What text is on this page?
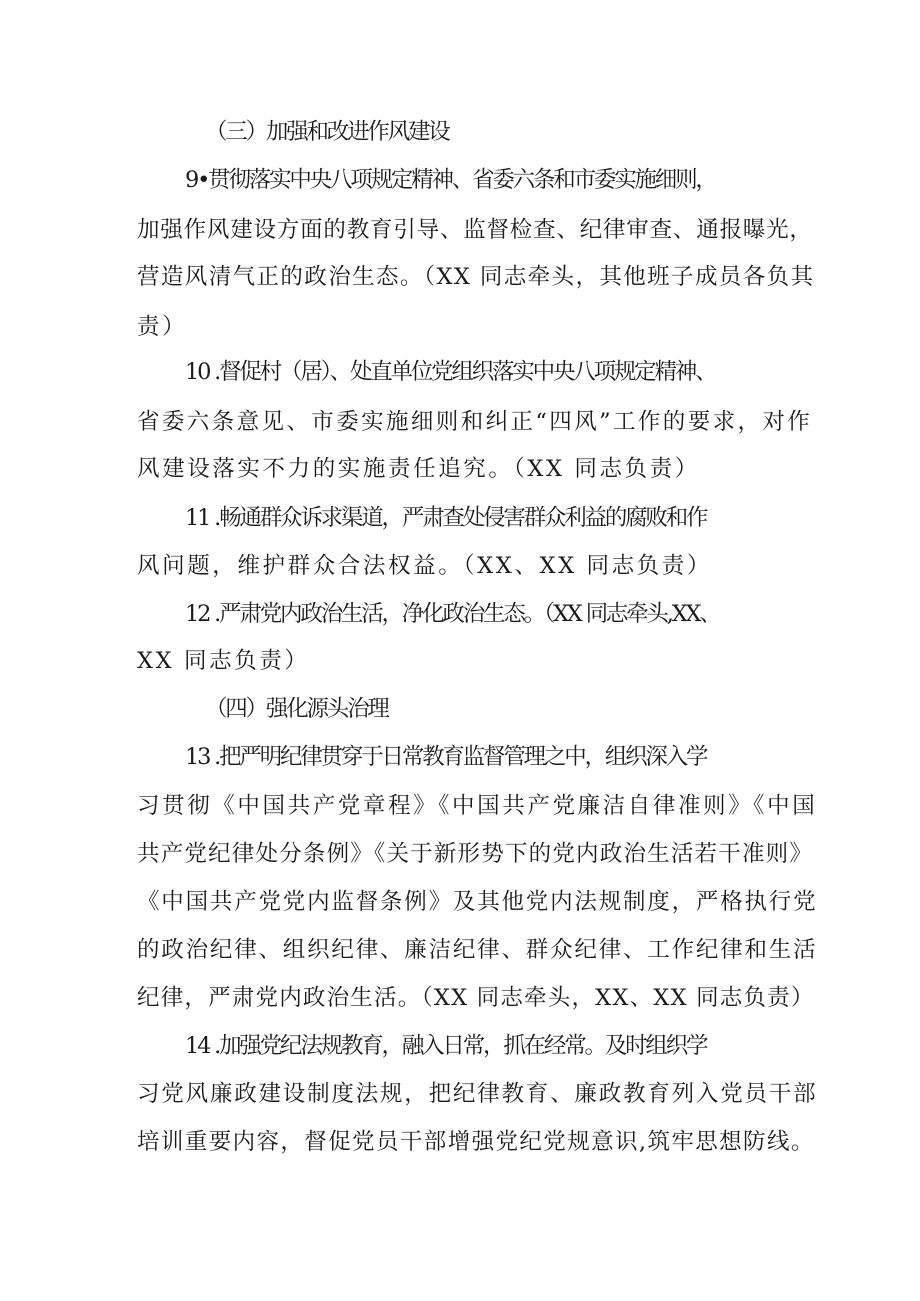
（三）加强和改进作风建设
9•贯彻落实中央八项规定精神、省委六条和市委实施细则，
加强作风建设方面的教育引导、监督检查、纪律审查、通报曝光，
营造风清气正的政治生态。（XX 同志牵头，其他班子成员各负其
责）
10 .督促村（居）、处直单位党组织落实中央八项规定精神、
省委六条意见、市委实施细则和纠正“四风”工作的要求，对作
风建设落实不力的实施责任追究。（XX 同志负责）
11 .畅通群众诉求渠道，严肃查处侵害群众利益的腐败和作
风问题，维护群众合法权益。（XX、XX 同志负责）
12 .严肃党内政治生活，净化政治生态。（XX 同志牵头,XX、
XX 同志负责）
（四）强化源头治理
13 .把严明纪律贯穿于日常教育监督管理之中，组织深入学
习贯彻《中国共产党章程》《中国共产党廉洁自律准则》《中国
共产党纪律处分条例》《关于新形势下的党内政治生活若干准则》
《中国共产党党内监督条例》及其他党内法规制度，严格执行党
的政治纪律、组织纪律、廉洁纪律、群众纪律、工作纪律和生活
纪律，严肃党内政治生活。（XX 同志牵头，XX、XX 同志负责）
14 .加强党纪法规教育，融入日常，抓在经常。及时组织学
习党风廉政建设制度法规，把纪律教育、廉政教育列入党员干部
培训重要内容，督促党员干部增强党纪党规意识,筑牢思想防线。
